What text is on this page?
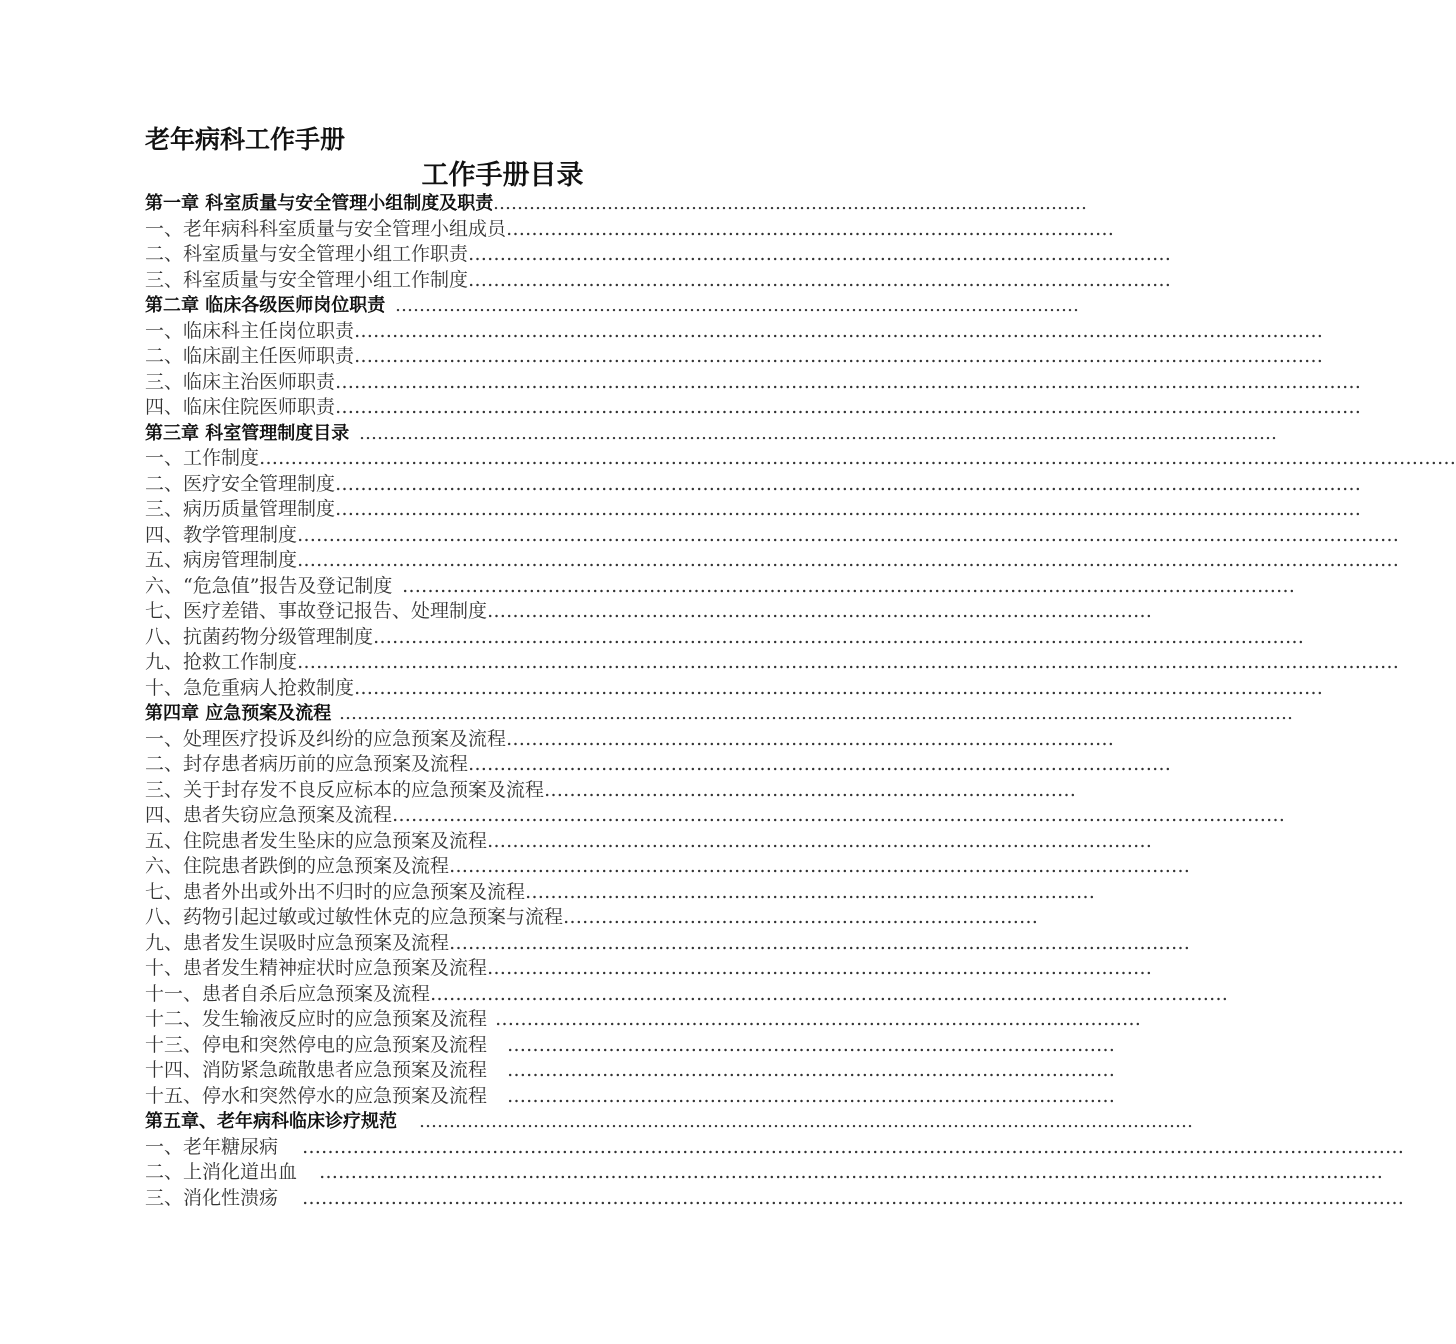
老年病科工作手册
工作手册目录
第一章 科室质量与安全管理小组制度及职责 ………………………………………………………………………………………
一、老年病科科室质量与安全管理小组成员 ……………………………………………………………………………………
二、科室质量与安全管理小组工作职责 …………………………………………………………………………………………………
三、科室质量与安全管理小组工作制度 …………………………………………………………………………………………………
第二章 临床各级医师岗位职责 ……………………………………………………………………………………………………
一、临床科主任岗位职责 ………………………………………………………………………………………………………………………………………
二、临床副主任医师职责 ………………………………………………………………………………………………………………………………………
三、临床主治医师职责 ………………………………………………………………………………………………………………………………………………
四、临床住院医师职责 ………………………………………………………………………………………………………………………………………………
第三章 科室管理制度目录 ………………………………………………………………………………………………………………………………………
一、工作制度 ………………………………………………………………………………………………………………………………………………………………………
二、医疗安全管理制度 ………………………………………………………………………………………………………………………………………………
三、病历质量管理制度 ………………………………………………………………………………………………………………………………………………
四、教学管理制度 …………………………………………………………………………………………………………………………………………………………
五、病房管理制度 …………………………………………………………………………………………………………………………………………………………
六、“危急值”报告及登记制度 ……………………………………………………………………………………………………………………………
七、医疗差错、事故登记报告、处理制度 ……………………………………………………………………………………………
八、抗菌药物分级管理制度 …………………………………………………………………………………………………………………………………
九、抢救工作制度 …………………………………………………………………………………………………………………………………………………………
十、急危重病人抢救制度 ………………………………………………………………………………………………………………………………………
第四章 应急预案及流程 ……………………………………………………………………………………………………………………………………………
一、处理医疗投诉及纠纷的应急预案及流程 ……………………………………………………………………………………
二、封存患者病历前的应急预案及流程 …………………………………………………………………………………………………
三、关于封存发不良反应标本的应急预案及流程 …………………………………………………………………………
四、患者失窃应急预案及流程 ……………………………………………………………………………………………………………………………
五、住院患者发生坠床的应急预案及流程 ……………………………………………………………………………………………
六、住院患者跌倒的应急预案及流程 ………………………………………………………………………………………………………
七、患者外出或外出不归时的应急预案及流程 ………………………………………………………………………………
八、药物引起过敏或过敏性休克的应急预案与流程 …………………………………………………………………
九、患者发生误吸时应急预案及流程 ………………………………………………………………………………………………………
十、患者发生精神症状时应急预案及流程 ……………………………………………………………………………………………
十一、患者自杀后应急预案及流程 ………………………………………………………………………………………………………………
十二、发生输液反应时的应急预案及流程 …………………………………………………………………………………………
十三、停电和突然停电的应急预案及流程 ……………………………………………………………………………………
十四、消防紧急疏散患者应急预案及流程 ……………………………………………………………………………………
十五、停水和突然停水的应急预案及流程 ……………………………………………………………………………………
第五章、老年病科临床诊疗规范 …………………………………………………………………………………………………………………
一、老年糖尿病 …………………………………………………………………………………………………………………………………………………………
二、上消化道出血 ……………………………………………………………………………………………………………………………………………………
三、消化性溃疡 …………………………………………………………………………………………………………………………………………………………
